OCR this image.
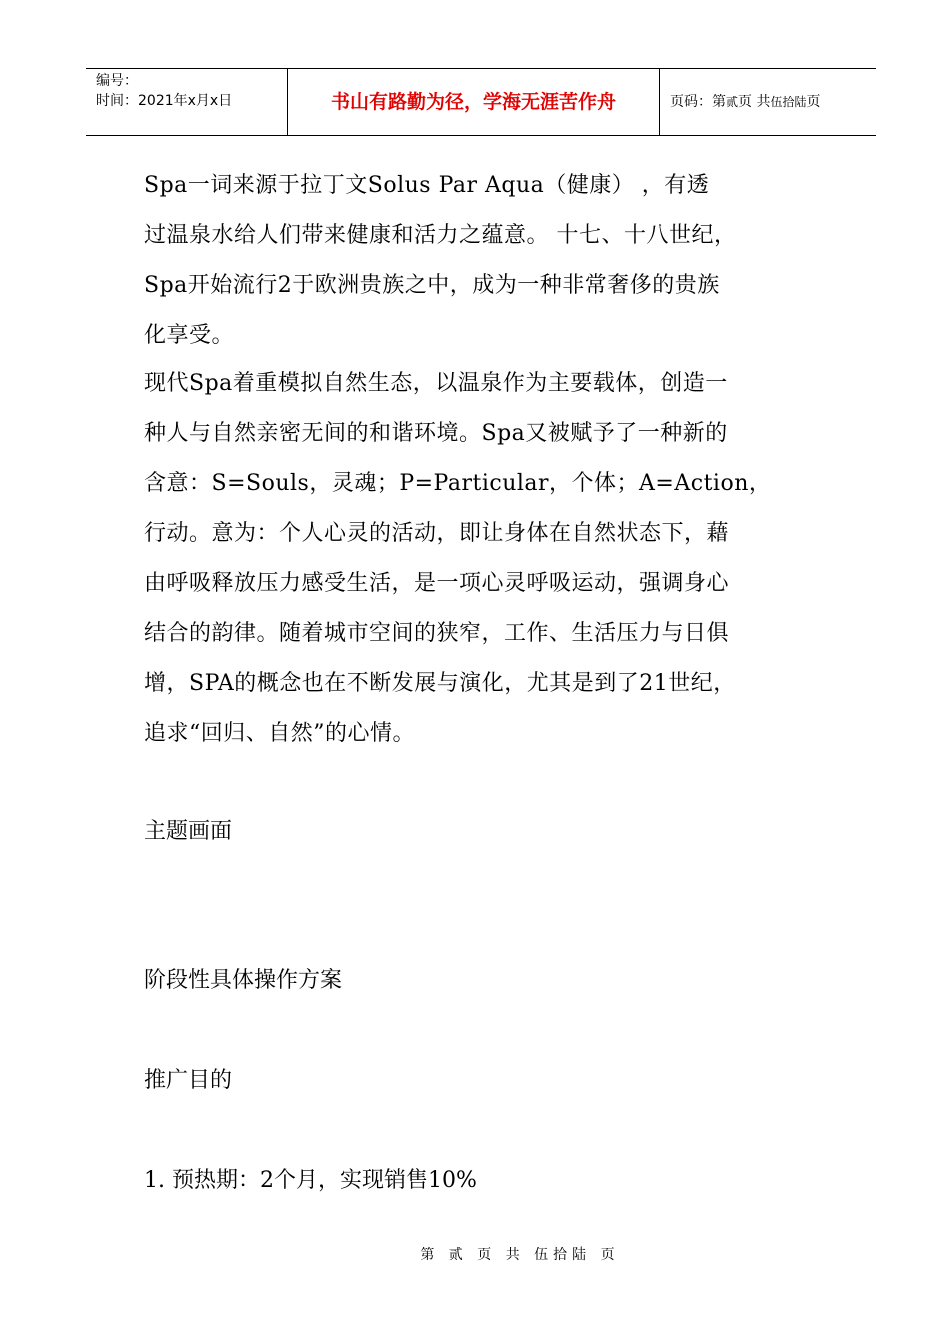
编号：
时间：2021年x月x日	书山有路勤为径，学海无涯苦作舟	页码：第贰页 共伍拾陆页
Spa一词来源于拉丁文Solus Par Aqua（健康） ，有透
过温泉水给人们带来健康和活力之蕴意。 十七、十八世纪，
Spa开始流行2于欧洲贵族之中，成为一种非常奢侈的贵族
化享受。
现代Spa着重模拟自然生态，以温泉作为主要载体，创造一
种人与自然亲密无间的和谐环境。Spa又被赋予了一种新的
含意：S=Souls，灵魂；P=Particular，个体；A=Action，
行动。意为：个人心灵的活动，即让身体在自然状态下，藉
由呼吸释放压力感受生活，是一项心灵呼吸运动，强调身心
结合的韵律。随着城市空间的狭窄，工作、生活压力与日俱
增，SPA的概念也在不断发展与演化，尤其是到了21世纪，
追求“回归、自然”的心情。
主题画面
阶段性具体操作方案
推广目的
1. 预热期：2个月，实现销售10%
第 贰 页 共 伍拾陆 页
